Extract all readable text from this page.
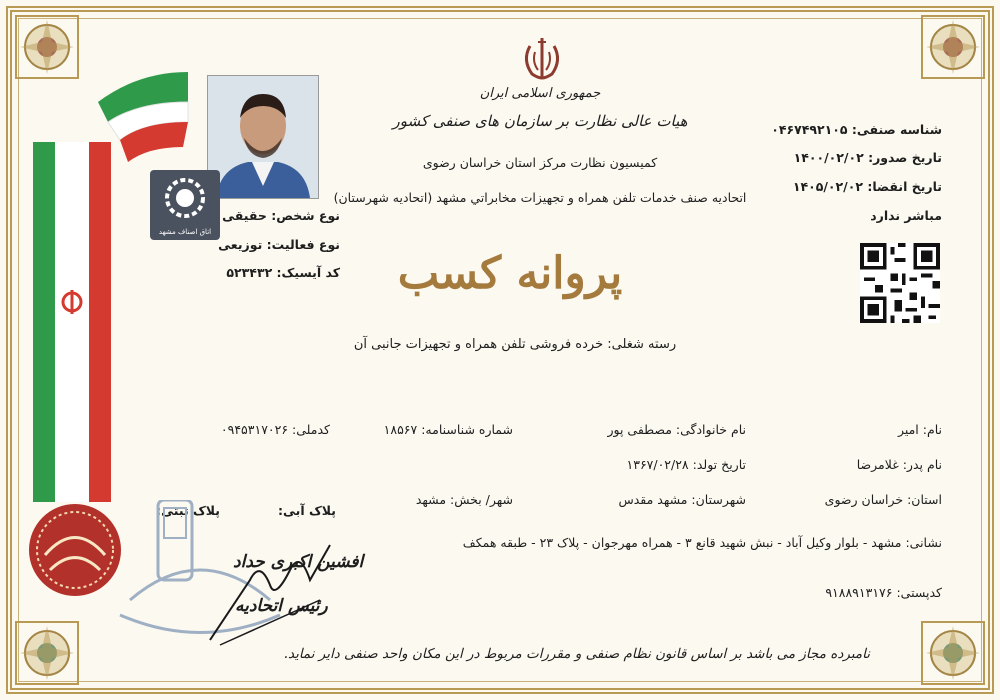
جمهوری اسلامی ایران
هیات عالی نظارت بر سازمان های صنفی کشور
کمیسیون نظارت مرکز استان خراسان رضوی
اتحادیه صنف خدمات تلفن همراه و تجهیزات مخابراتي مشهد (اتحادیه شهرستان)
پروانه کسب
رسته شغلی: خرده فروشی تلفن همراه و تجهیزات جانبی آن
شناسه صنفی: ۰۴۶۷۴۹۲۱۰۵
تاریخ صدور: ۱۴۰۰/۰۲/۰۲
تاریخ انقضا: ۱۴۰۵/۰۲/۰۲
مباشر ندارد
اتاق اصناف مشهد
نوع شخص: حقیقی
نوع فعالیت: توزیعی
کد آیسیک: ۵۲۳۴۳۲
نام: امیر
نام خانوادگی: مصطفی پور
شماره شناسنامه: ۱۸۵۶۷
کدملی: ۰۹۴۵۳۱۷۰۲۶
نام پدر: غلامرضا
تاریخ تولد: ۱۳۶۷/۰۲/۲۸
استان: خراسان رضوی
شهرستان: مشهد مقدس
شهر/ بخش: مشهد
نشانی: مشهد - بلوار وکیل آباد - نبش شهید قانع ۳ - همراه مهرجوان - پلاک ۲۳ - طبقه همکف
کدپستی: ۹۱۸۸۹۱۳۱۷۶
پلاک آبی:
پلاک ثبتی:
افشین اکبری حداد
رئیس اتحادیه
نامبرده مجاز می باشد بر اساس قانون نظام صنفی و مقررات مربوط در این مکان واحد صنفی دایر نماید.
